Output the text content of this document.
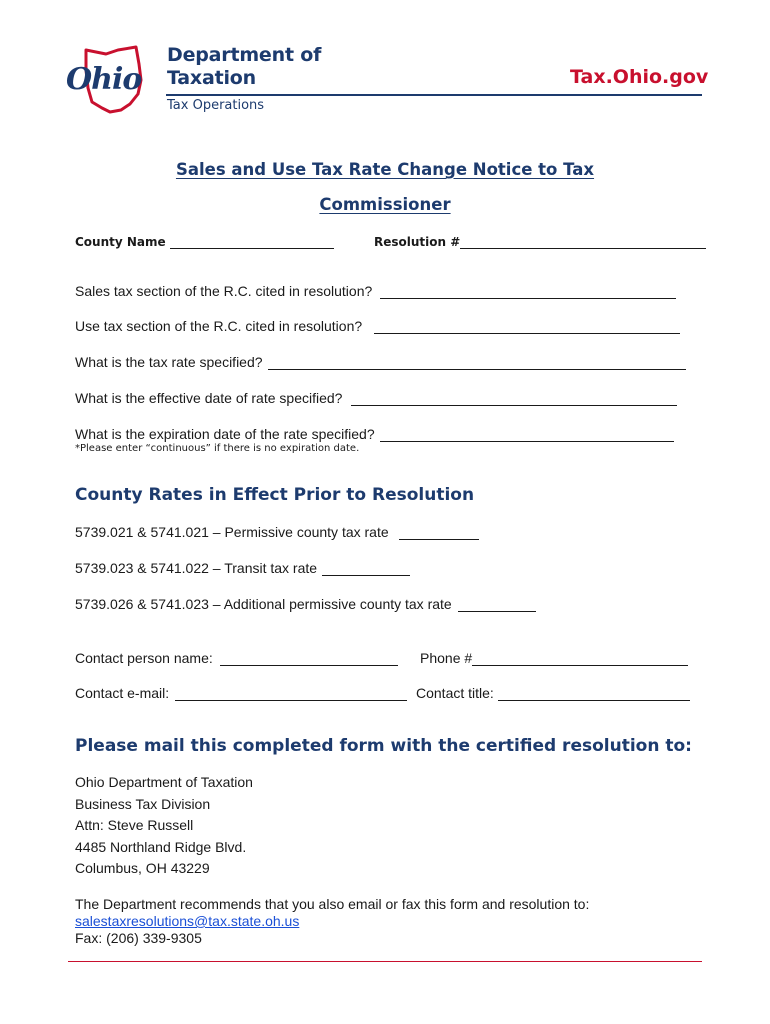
Ohio
Department of
Taxation	Tax.Ohio.gov
Tax Operations
Sales and Use Tax Rate Change Notice to Tax
Commissioner
County Name	Resolution #
Sales tax section of the R.C. cited in resolution?
Use tax section of the R.C. cited in resolution?
What is the tax rate specified?
What is the effective date of rate specified?
What is the expiration date of the rate specified?
*Please enter “continuous” if there is no expiration date.
County Rates in Effect Prior to Resolution
5739.021 & 5741.021 – Permissive county tax rate
5739.023 & 5741.022 – Transit tax rate
5739.026 & 5741.023 – Additional permissive county tax rate
Contact person name:	Phone #
Contact e-mail:	Contact title:
Please mail this completed form with the certified resolution to:
Ohio Department of Taxation
Business Tax Division
Attn: Steve Russell
4485 Northland Ridge Blvd.
Columbus, OH 43229
The Department recommends that you also email or fax this form and resolution to:
salestaxresolutions@tax.state.oh.us
Fax: (206) 339-9305
